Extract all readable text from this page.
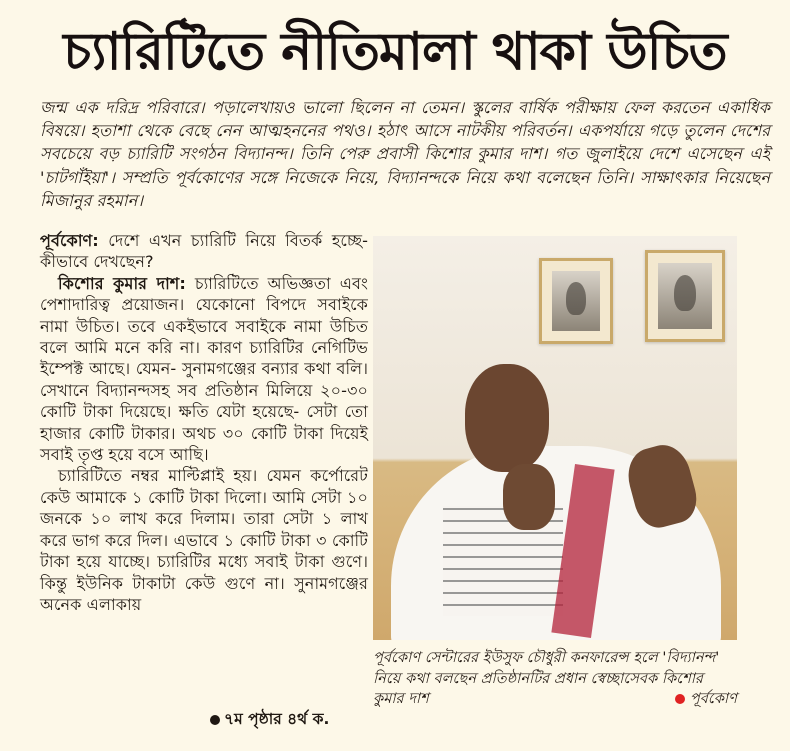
চ্যারিটিতে নীতিমালা থাকা উচিত
জন্ম এক দরিদ্র পরিবারে। পড়ালেখায়ও ভালো ছিলেন না তেমন। স্কুলের বার্ষিক পরীক্ষায় ফেল করতেন একাধিক বিষয়ে। হতাশা থেকে বেছে নেন আত্মহননের পথও। হঠাৎ আসে নাটকীয় পরিবর্তন। একপর্যায়ে গড়ে তুলেন দেশের সবচেয়ে বড় চ্যারিটি সংগঠন বিদ্যানন্দ। তিনি পেরু প্রবাসী কিশোর কুমার দাশ। গত জুলাইয়ে দেশে এসেছেন এই 'চাটগাঁইয়া'। সম্প্রতি পূর্বকোণের সঙ্গে নিজেকে নিয়ে, বিদ্যানন্দকে নিয়ে কথা বলেছেন তিনি। সাক্ষাৎকার নিয়েছেন মিজানুর রহমান।

পূর্বকোণ: দেশে এখন চ্যারিটি নিয়ে বিতর্ক হচ্ছে- কীভাবে দেখছেন?

কিশোর কুমার দাশ: চ্যারিটিতে অভিজ্ঞতা এবং পেশাদারিত্ব প্রয়োজন। যেকোনো বিপদে সবাইকে নামা উচিত। তবে একইভাবে সবাইকে নামা উচিত বলে আমি মনে করি না। কারণ চ্যারিটির নেগিটিভ ইম্পেক্ট আছে। যেমন- সুনামগঞ্জের বন্যার কথা বলি। সেখানে বিদ্যানন্দসহ সব প্রতিষ্ঠান মিলিয়ে ২০-৩০ কোটি টাকা দিয়েছে। ক্ষতি যেটা হয়েছে- সেটা তো হাজার কোটি টাকার। অথচ ৩০ কোটি টাকা দিয়েই সবাই তৃপ্ত হয়ে বসে আছি।

চ্যারিটিতে নম্বর মাল্টিপ্লাই হয়। যেমন কর্পোরেট কেউ আমাকে ১ কোটি টাকা দিলো। আমি সেটা ১০ জনকে ১০ লাখ করে দিলাম। তারা সেটা ১ লাখ করে ভাগ করে দিল। এভাবে ১ কোটি টাকা ৩ কোটি টাকা হয়ে যাচ্ছে। চ্যারিটির মধ্যে সবাই টাকা গুণে। কিন্তু ইউনিক টাকাটা কেউ গুণে না। সুনামগঞ্জের অনেক এলাকায়

পূর্বকোণ সেন্টারের ইউসুফ চৌধুরী কনফারেন্স হলে 'বিদ্যানন্দ' নিয়ে কথা বলছেন প্রতিষ্ঠানটির প্রধান স্বেচ্ছাসেবক কিশোর কুমার দাশ	পূর্বকোণ
৭ম পৃষ্ঠার ৪র্থ ক.
